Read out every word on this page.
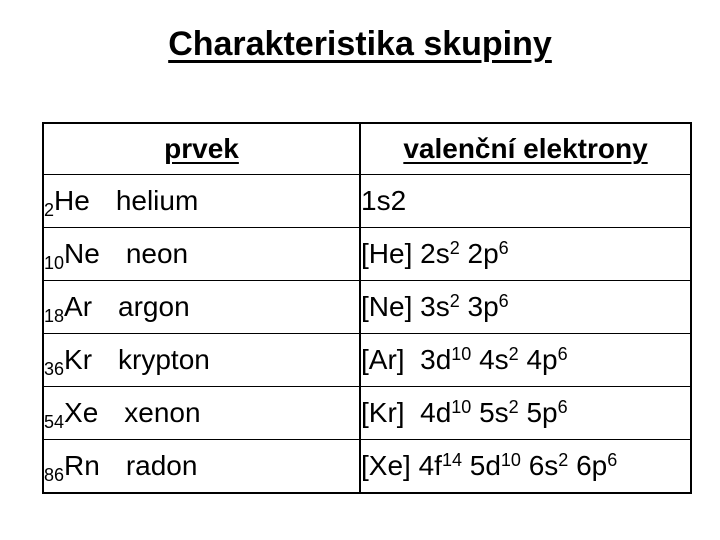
Charakteristika skupiny
prvek	valenční elektrony
$_2$He helium	1s2
$_{10}$Ne neon	[He] $2s^2$ $2p^6$
$_{18}$Ar argon	[Ne] $3s^2$ $3p^6$
$_{36}$Kr krypton	[Ar]  $3d^{10}$ $4s^2$ $4p^6$
$_{54}$Xe xenon	[Kr]  $4d^{10}$ $5s^2$ $5p^6$
$_{86}$Rn radon	[Xe] $4f^{14}$ $5d^{10}$ $6s^2$ $6p^6$
